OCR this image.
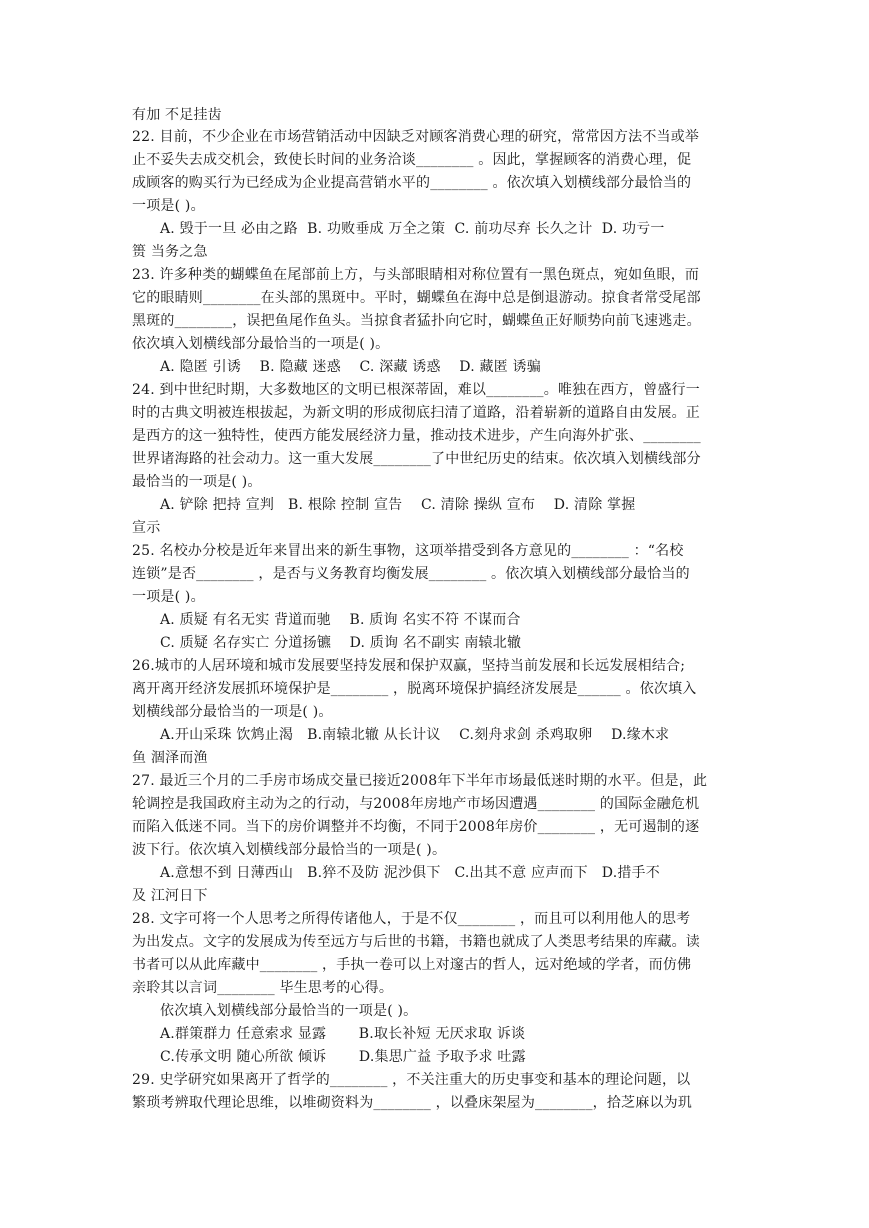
有加 不足挂齿
22. 目前，不少企业在市场营销活动中因缺乏对顾客消费心理的研究，常常因方法不当或举
止不妥失去成交机会，致使长时间的业务洽谈________ 。因此，掌握顾客的消费心理，促
成顾客的购买行为已经成为企业提高营销水平的________ 。依次填入划横线部分最恰当的
一项是( )。
A. 毁于一旦 必由之路  B. 功败垂成 万全之策  C. 前功尽弃 长久之计  D. 功亏一
篑 当务之急
23. 许多种类的蝴蝶鱼在尾部前上方，与头部眼睛相对称位置有一黑色斑点，宛如鱼眼，而
它的眼睛则________在头部的黑斑中。平时，蝴蝶鱼在海中总是倒退游动。掠食者常受尾部
黑斑的________，误把鱼尾作鱼头。当掠食者猛扑向它时，蝴蝶鱼正好顺势向前飞速逃走。
依次填入划横线部分最恰当的一项是( )。
A. 隐匿 引诱    B. 隐藏 迷惑    C. 深藏 诱惑    D. 藏匿 诱骗
24. 到中世纪时期，大多数地区的文明已根深蒂固，难以________。唯独在西方，曾盛行一
时的古典文明被连根拔起，为新文明的形成彻底扫清了道路，沿着崭新的道路自由发展。正
是西方的这一独特性，使西方能发展经济力量，推动技术进步，产生向海外扩张、________
世界诸海路的社会动力。这一重大发展________了中世纪历史的结束。依次填入划横线部分
最恰当的一项是( )。
A. 铲除 把持 宣判   B. 根除 控制 宣告    C. 清除 操纵 宣布    D. 清除 掌握
宣示
25. 名校办分校是近年来冒出来的新生事物，这项举措受到各方意见的________ ：“名校
连锁”是否________ ，是否与义务教育均衡发展________ 。依次填入划横线部分最恰当的
一项是( )。
A. 质疑 有名无实 背道而驰    B. 质询 名实不符 不谋而合
C. 质疑 名存实亡 分道扬镳    D. 质询 名不副实 南辕北辙
26.城市的人居环境和城市发展要坚持发展和保护双赢，坚持当前发展和长远发展相结合;
离开离开经济发展抓环境保护是________ ，脱离环境保护搞经济发展是______ 。依次填入
划横线部分最恰当的一项是( )。
A.开山采珠 饮鸩止渴   B.南辕北辙 从长计议    C.刻舟求剑 杀鸡取卵    D.缘木求
鱼 涸泽而渔
27. 最近三个月的二手房市场成交量已接近2008年下半年市场最低迷时期的水平。但是，此
轮调控是我国政府主动为之的行动，与2008年房地产市场因遭遇________ 的国际金融危机
而陷入低迷不同。当下的房价调整并不均衡，不同于2008年房价________ ，无可遏制的逐
波下行。依次填入划横线部分最恰当的一项是( )。
A.意想不到 日薄西山   B.猝不及防 泥沙俱下   C.出其不意 应声而下   D.措手不
及 江河日下
28. 文字可将一个人思考之所得传诸他人，于是不仅________ ，而且可以利用他人的思考
为出发点。文字的发展成为传至远方与后世的书籍，书籍也就成了人类思考结果的库藏。读
书者可以从此库藏中________ ，手执一卷可以上对邃古的哲人，远对绝域的学者，而仿佛
亲聆其以言词________ 毕生思考的心得。
依次填入划横线部分最恰当的一项是( )。
A.群策群力 任意索求 显露       B.取长补短 无厌求取 诉谈
C.传承文明 随心所欲 倾诉       D.集思广益 予取予求 吐露
29. 史学研究如果离开了哲学的________ ，不关注重大的历史事变和基本的理论问题，以
繁琐考辨取代理论思维，以堆砌资料为________ ，以叠床架屋为________，拾芝麻以为玑
